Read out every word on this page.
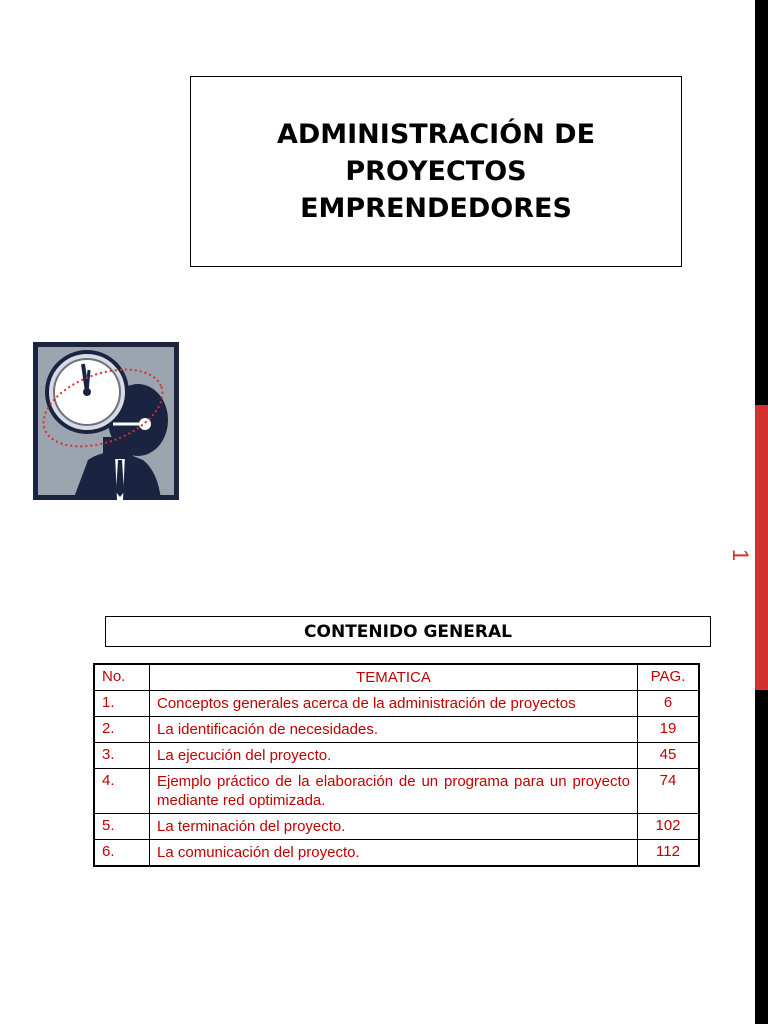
1
ADMINISTRACIÓN DE
PROYECTOS
EMPRENDEDORES
CONTENIDO GENERAL
No.	TEMATICA	PAG.
1.	Conceptos generales acerca de la administración de proyectos	6
2.	La identificación de necesidades.	19
3.	La ejecución del proyecto.	45
4.	Ejemplo práctico de la elaboración de un programa para un proyecto mediante red optimizada.	74
5.	La terminación del proyecto.	102
6.	La comunicación del proyecto.	112
